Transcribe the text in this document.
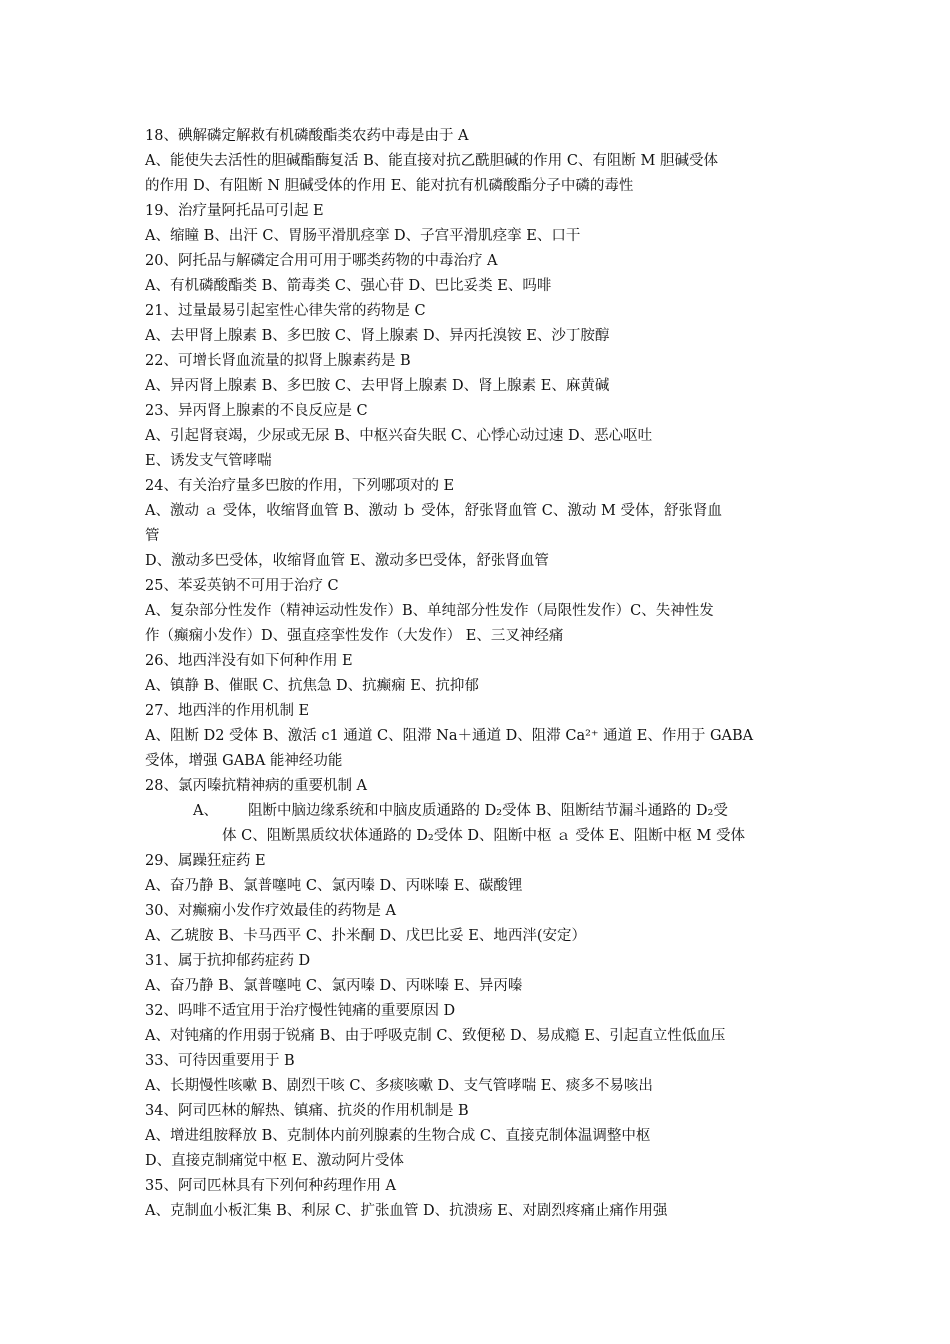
18、碘解磷定解救有机磷酸酯类农药中毒是由于 A
A、能使失去活性的胆碱酯酶复活 B、能直接对抗乙酰胆碱的作用 C、有阻断 M 胆碱受体
的作用 D、有阻断 N 胆碱受体的作用 E、能对抗有机磷酸酯分子中磷的毒性
19、治疗量阿托品可引起 E
A、缩瞳 B、出汗 C、胃肠平滑肌痉挛 D、子宫平滑肌痉挛 E、口干
20、阿托品与解磷定合用可用于哪类药物的中毒治疗 A
A、有机磷酸酯类 B、箭毒类 C、强心苷 D、巴比妥类 E、吗啡
21、过量最易引起室性心律失常的药物是 C
A、去甲肾上腺素 B、多巴胺 C、肾上腺素 D、异丙托溴铵 E、沙丁胺醇
22、可增长肾血流量的拟肾上腺素药是 B
A、异丙肾上腺素 B、多巴胺 C、去甲肾上腺素 D、肾上腺素 E、麻黄碱
23、异丙肾上腺素的不良反应是 C
A、引起肾衰竭，少尿或无尿 B、中枢兴奋失眠 C、心悸心动过速 D、恶心呕吐
E、诱发支气管哮喘
24、有关治疗量多巴胺的作用，下列哪项对的 E
A、激动 ａ 受体，收缩肾血管 B、激动 ｂ 受体，舒张肾血管 C、激动 M 受体，舒张肾血
管
D、激动多巴受体，收缩肾血管 E、激动多巴受体，舒张肾血管
25、苯妥英钠不可用于治疗 C
A、复杂部分性发作（精神运动性发作）B、单纯部分性发作（局限性发作）C、失神性发
作（癫痫小发作）D、强直痉挛性发作（大发作） E、三叉神经痛
26、地西泮没有如下何种作用 E
A、镇静 B、催眠 C、抗焦急 D、抗癫痫 E、抗抑郁
27、地西泮的作用机制 E
A、阻断 D2 受体 B、激活 c1 通道 C、阻滞 Na＋通道 D、阻滞 Ca²⁺ 通道 E、作用于 GABA
受体，增强 GABA 能神经功能
28、氯丙嗪抗精神病的重要机制 A
A、 阻断中脑边缘系统和中脑皮质通路的 D₂受体 B、阻断结节漏斗通路的 D₂受
体 C、阻断黑质纹状体通路的 D₂受体 D、阻断中枢 ａ 受体 E、阻断中枢 M 受体
29、属躁狂症药 E
A、奋乃静 B、氯普噻吨 C、氯丙嗪 D、丙咪嗪 E、碳酸锂
30、对癫痫小发作疗效最佳的药物是 A
A、乙琥胺 B、卡马西平 C、扑米酮 D、戊巴比妥 E、地西泮(安定）
31、属于抗抑郁药症药 D
A、奋乃静 B、氯普噻吨 C、氯丙嗪 D、丙咪嗪 E、异丙嗪
32、吗啡不适宜用于治疗慢性钝痛的重要原因 D
A、对钝痛的作用弱于锐痛 B、由于呼吸克制 C、致便秘 D、易成瘾 E、引起直立性低血压
33、可待因重要用于 B
A、长期慢性咳嗽 B、剧烈干咳 C、多痰咳嗽 D、支气管哮喘 E、痰多不易咳出
34、阿司匹林的解热、镇痛、抗炎的作用机制是 B
A、增进组胺释放 B、克制体内前列腺素的生物合成 C、直接克制体温调整中枢
D、直接克制痛觉中枢 E、激动阿片受体
35、阿司匹林具有下列何种药理作用 A
A、克制血小板汇集 B、利尿 C、扩张血管 D、抗溃疡 E、对剧烈疼痛止痛作用强
